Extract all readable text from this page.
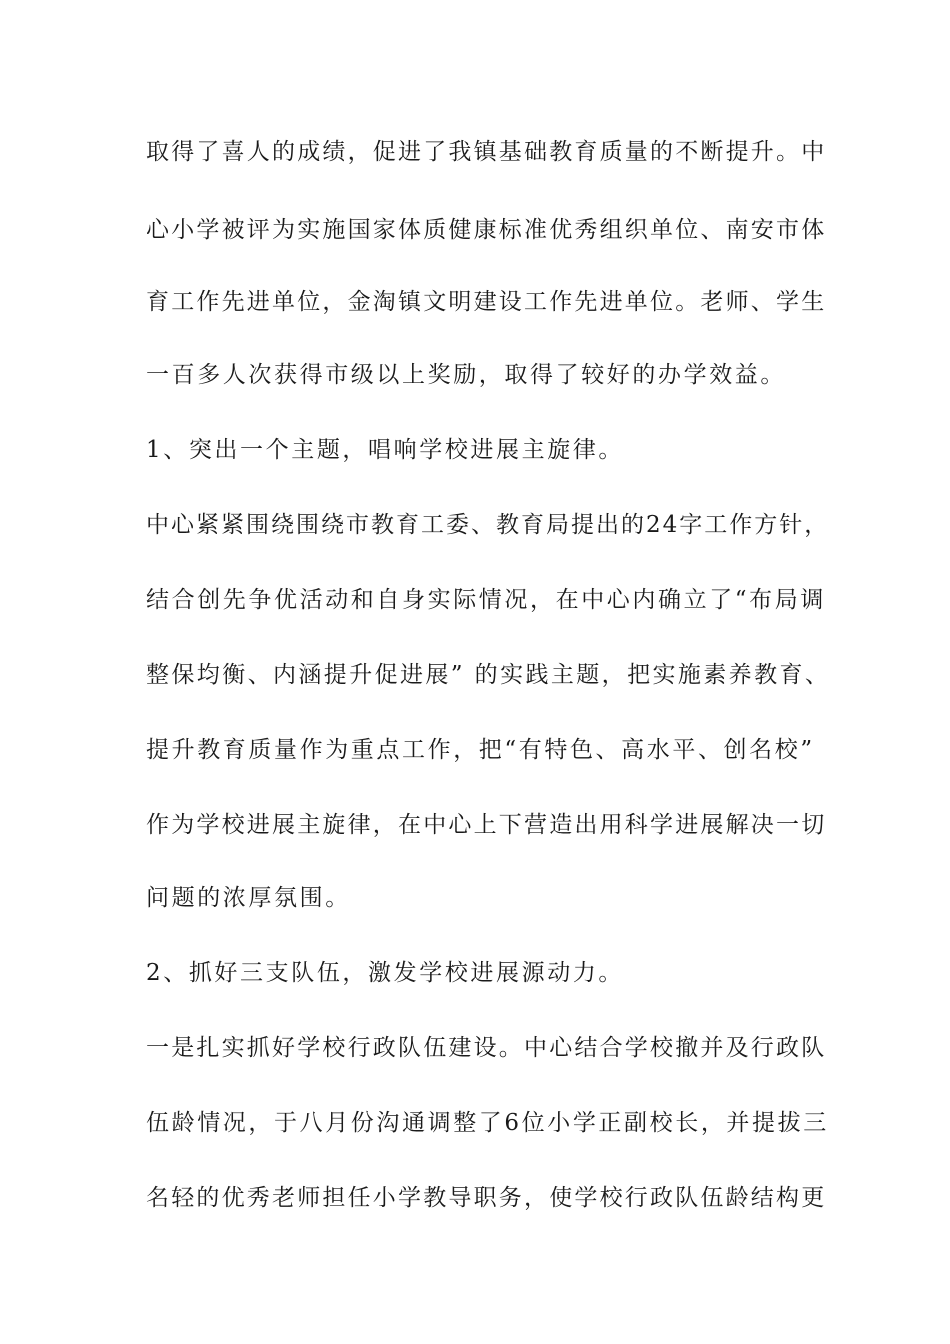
取得了喜人的成绩，促进了我镇基础教育质量的不断提升。中
心小学被评为实施国家体质健康标准优秀组织单位、南安市体
育工作先进单位，金淘镇文明建设工作先进单位。老师、学生
一百多人次获得市级以上奖励，取得了较好的办学效益。
1、突出一个主题，唱响学校进展主旋律。
中心紧紧围绕围绕市教育工委、教育局提出的24字工作方针，
结合创先争优活动和自身实际情况，在中心内确立了“布局调
整保均衡、内涵提升促进展” 的实践主题，把实施素养教育、
提升教育质量作为重点工作，把“有特色、高水平、创名校”
作为学校进展主旋律，在中心上下营造出用科学进展解决一切
问题的浓厚氛围。
2、抓好三支队伍，激发学校进展源动力。
一是扎实抓好学校行政队伍建设。中心结合学校撤并及行政队
伍龄情况，于八月份沟通调整了6位小学正副校长，并提拔三
名轻的优秀老师担任小学教导职务，使学校行政队伍龄结构更
